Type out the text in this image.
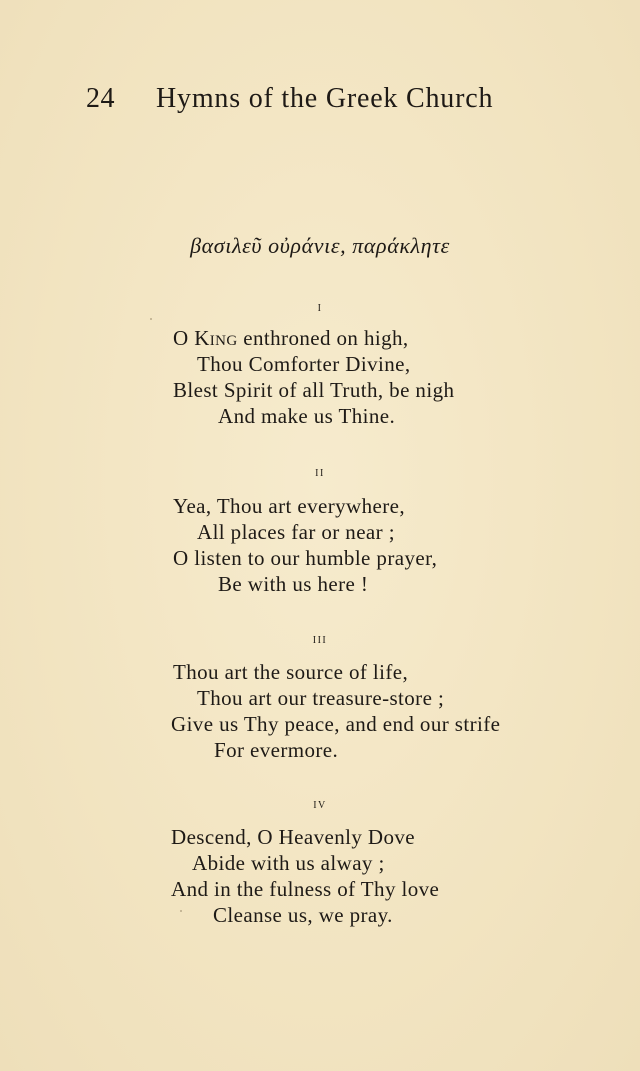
24	Hymns of the Greek Church
βασιλεῦ οὐράνιε, παράκλητε
i
O King enthroned on high,
Thou Comforter Divine,
Blest Spirit of all Truth, be nigh
And make us Thine.
ii
Yea, Thou art everywhere,
All places far or near ;
O listen to our humble prayer,
Be with us here !
iii
Thou art the source of life,
Thou art our treasure-store ;
Give us Thy peace, and end our strife
For evermore.
iv
Descend, O Heavenly Dove
Abide with us alway ;
And in the fulness of Thy love
Cleanse us, we pray.
